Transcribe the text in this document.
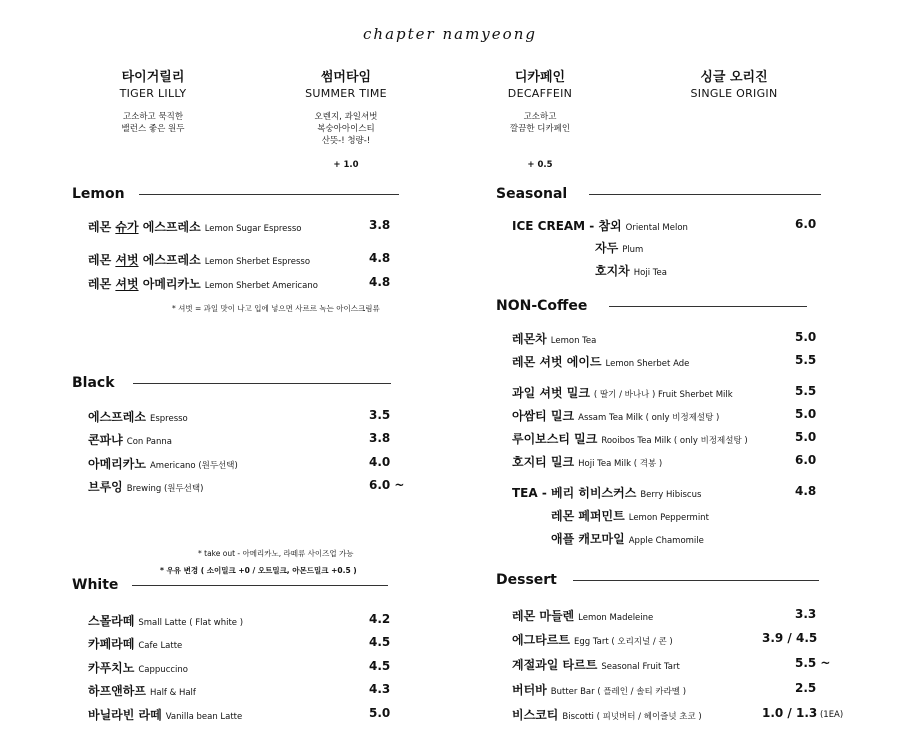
chapter namyeong
타이거릴리
TIGER LILLY
고소하고 묵직한
밸런스 좋은 원두
썸머타임
SUMMER TIME
오렌지, 과일셔벗
복숭아아이스티
산뜻-! 청량-!
+ 1.0
디카페인
DECAFFEIN
고소하고
깔끔한 디카페인
+ 0.5
싱글 오리진
SINGLE ORIGIN
Lemon
레몬 슈가 에스프레소 Lemon Sugar Espresso	3.8
레몬 셔벗 에스프레소 Lemon Sherbet Espresso	4.8
레몬 셔벗 아메리카노 Lemon Sherbet Americano	4.8
* 셔벗 = 과일 맛이 나고 입에 넣으면 사르르 녹는 아이스크림류
Black
에스프레소 Espresso	3.5
콘파냐 Con Panna	3.8
아메리카노 Americano (원두선택)	4.0
브루잉 Brewing (원두선택)	6.0 ~
* take out - 아메리카노, 라떼류 사이즈업 가능
* 우유 변경 ( 소이밀크 +0 / 오트밀크, 아몬드밀크 +0.5 )
White
스몰라떼 Small Latte ( Flat white )	4.2
카페라떼 Cafe Latte	4.5
카푸치노 Cappuccino	4.5
하프앤하프 Half & Half	4.3
바닐라빈 라떼 Vanilla bean Latte	5.0
Seasonal
ICE CREAM - 참외 Oriental Melon	6.0
자두 Plum
호지차 Hoji Tea
NON-Coffee
레몬차 Lemon Tea	5.0
레몬 셔벗 에이드 Lemon Sherbet Ade	5.5
과일 셔벗 밀크 ( 딸기 / 바나나 ) Fruit Sherbet Milk	5.5
아쌈티 밀크 Assam Tea Milk ( only 비정제설탕 )	5.0
루이보스티 밀크 Rooibos Tea Milk ( only 비정제설탕 )	5.0
호지티 밀크 Hoji Tea Milk ( 격봉 )	6.0
TEA - 베리 히비스커스 Berry Hibiscus	4.8
레몬 페퍼민트 Lemon Peppermint
애플 캐모마일 Apple Chamomile
Dessert
레몬 마들렌 Lemon Madeleine	3.3
에그타르트 Egg Tart ( 오리지널 / 콘 )	3.9 / 4.5
계절과일 타르트 Seasonal Fruit Tart	5.5 ~
버터바 Butter Bar ( 플레인 / 솔티 카라멜 )	2.5
비스코티 Biscotti ( 피넛버터 / 헤이즐넛 초코 )	1.0 / 1.3 (1EA)
